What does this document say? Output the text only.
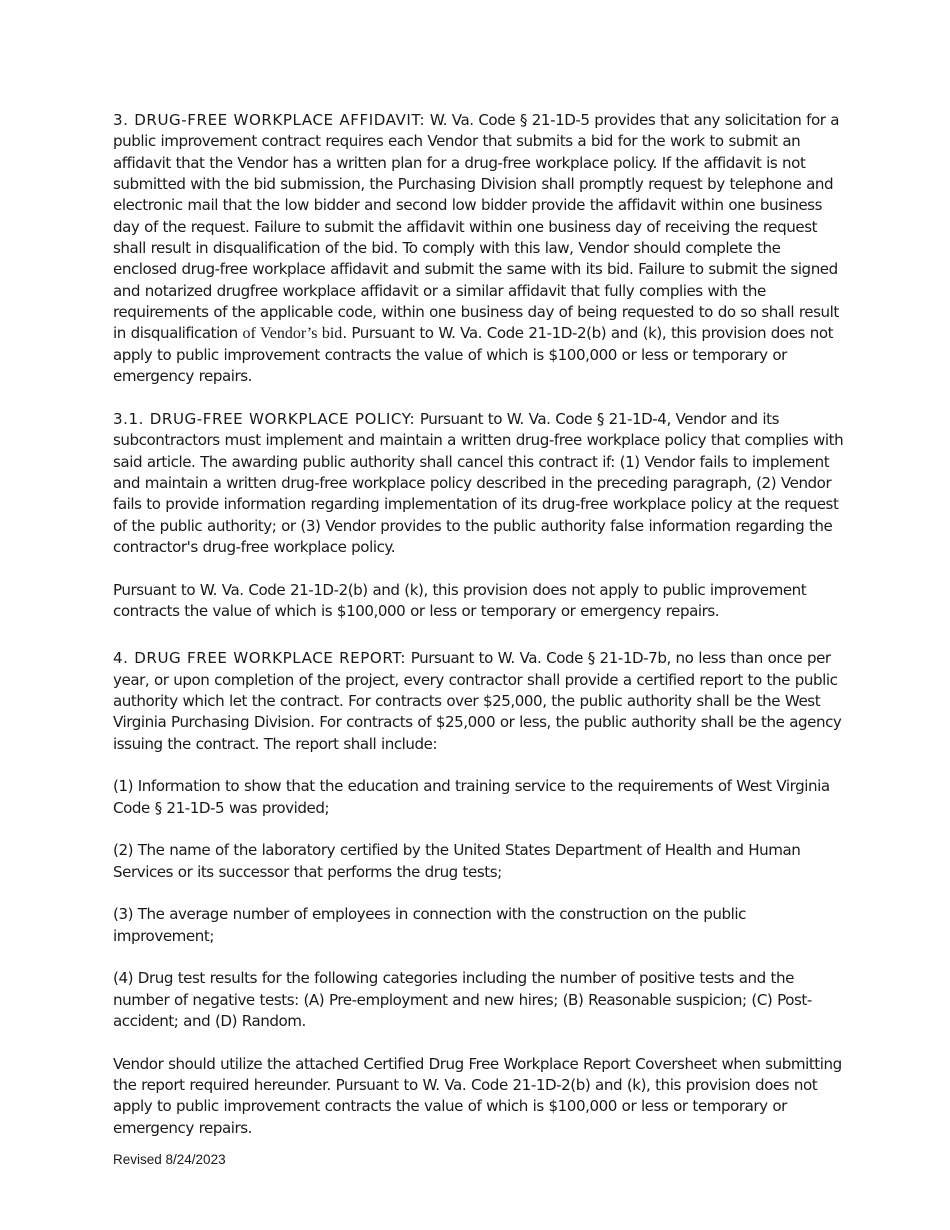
3. DRUG-FREE WORKPLACE AFFIDAVIT: W. Va. Code § 21-1D-5 provides that any solicitation for a public improvement contract requires each Vendor that submits a bid for the work to submit an affidavit that the Vendor has a written plan for a drug-free workplace policy. If the affidavit is not submitted with the bid submission, the Purchasing Division shall promptly request by telephone and electronic mail that the low bidder and second low bidder provide the affidavit within one business day of the request. Failure to submit the affidavit within one business day of receiving the request shall result in disqualification of the bid. To comply with this law, Vendor should complete the enclosed drug-free workplace affidavit and submit the same with its bid. Failure to submit the signed and notarized drugfree workplace affidavit or a similar affidavit that fully complies with the requirements of the applicable code, within one business day of being requested to do so shall result in disqualification of Vendor’s bid. Pursuant to W. Va. Code 21-1D-2(b) and (k), this provision does not apply to public improvement contracts the value of which is $100,000 or less or temporary or emergency repairs.

3.1. DRUG-FREE WORKPLACE POLICY: Pursuant to W. Va. Code § 21-1D-4, Vendor and its subcontractors must implement and maintain a written drug-free workplace policy that complies with said article. The awarding public authority shall cancel this contract if: (1) Vendor fails to implement and maintain a written drug-free workplace policy described in the preceding paragraph, (2) Vendor fails to provide information regarding implementation of its drug-free workplace policy at the request of the public authority; or (3) Vendor provides to the public authority false information regarding the contractor's drug-free workplace policy.

Pursuant to W. Va. Code 21-1D-2(b) and (k), this provision does not apply to public improvement contracts the value of which is $100,000 or less or temporary or emergency repairs.

4. DRUG FREE WORKPLACE REPORT: Pursuant to W. Va. Code § 21-1D-7b, no less than once per year, or upon completion of the project, every contractor shall provide a certified report to the public authority which let the contract. For contracts over $25,000, the public authority shall be the West Virginia Purchasing Division. For contracts of $25,000 or less, the public authority shall be the agency issuing the contract. The report shall include:

(1) Information to show that the education and training service to the requirements of West Virginia Code § 21-1D-5 was provided;

(2) The name of the laboratory certified by the United States Department of Health and Human Services or its successor that performs the drug tests;

(3) The average number of employees in connection with the construction on the public improvement;

(4) Drug test results for the following categories including the number of positive tests and the number of negative tests: (A) Pre-employment and new hires; (B) Reasonable suspicion; (C) Post-accident; and (D) Random.

Vendor should utilize the attached Certified Drug Free Workplace Report Coversheet when submitting the report required hereunder. Pursuant to W. Va. Code 21-1D-2(b) and (k), this provision does not apply to public improvement contracts the value of which is $100,000 or less or temporary or emergency repairs.

Revised 8/24/2023
